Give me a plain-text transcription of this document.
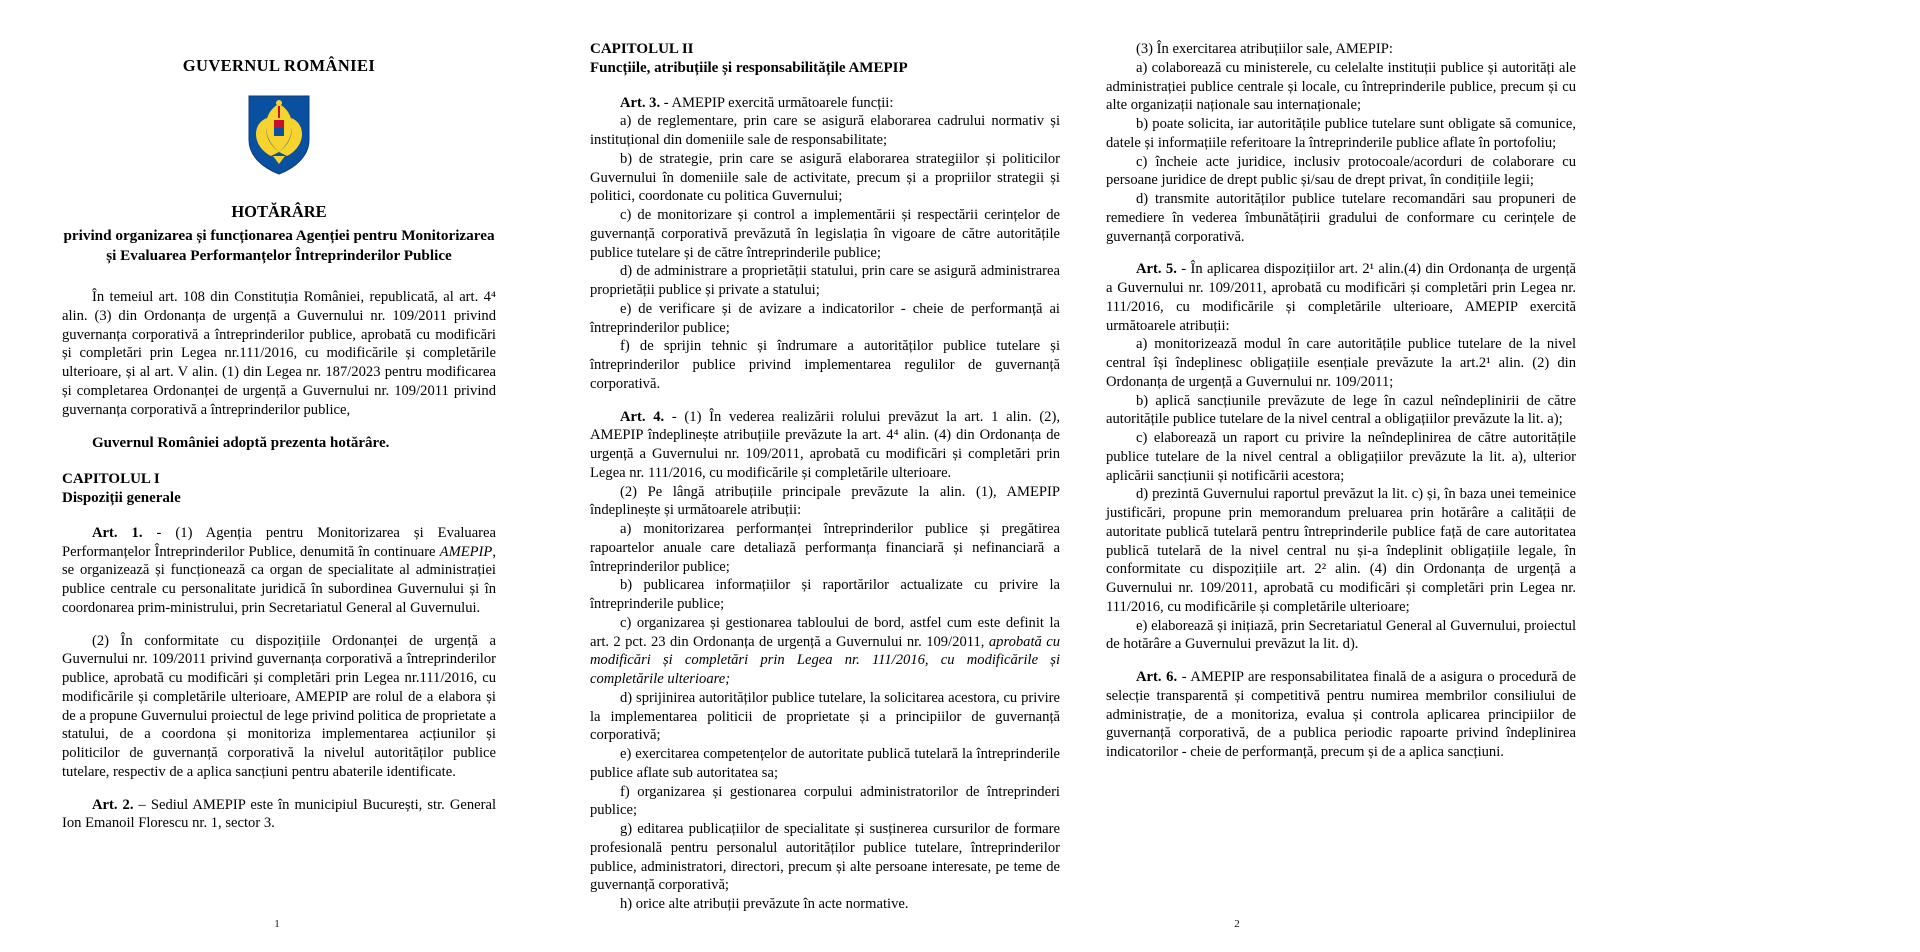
GUVERNUL ROMÂNIEI
HOTĂRÂRE
privind organizarea și funcționarea Agenției pentru Monitorizarea
și Evaluarea Performanțelor Întreprinderilor Publice

În temeiul art. 108 din Constituția României, republicată, al art. 4⁴ alin. (3) din Ordonanța de urgență a Guvernului nr. 109/2011 privind guvernanța corporativă a întreprinderilor publice, aprobată cu modificări și completări prin Legea nr.111/2016, cu modificările și completările ulterioare, și al art. V alin. (1) din Legea nr. 187/2023 pentru modificarea și completarea Ordonanței de urgență a Guvernului nr. 109/2011 privind guvernanța corporativă a întreprinderilor publice,

Guvernul României adoptă prezenta hotărâre.

CAPITOLUL I
Dispoziții generale

Art. 1. - (1) Agenția pentru Monitorizarea și Evaluarea Performanțelor Întreprinderilor Publice, denumită în continuare AMEPIP, se organizează și funcționează ca organ de specialitate al administrației publice centrale cu personalitate juridică în subordinea Guvernului și în coordonarea prim-ministrului, prin Secretariatul General al Guvernului.

(2) În conformitate cu dispozițiile Ordonanței de urgență a Guvernului nr. 109/2011 privind guvernanța corporativă a întreprinderilor publice, aprobată cu modificări și completări prin Legea nr.111/2016, cu modificările și completările ulterioare, AMEPIP are rolul de a elabora și de a propune Guvernului proiectul de lege privind politica de proprietate a statului, de a coordona și monitoriza implementarea acțiunilor și politicilor de guvernanță corporativă la nivelul autorităților publice tutelare, respectiv de a aplica sancțiuni pentru abaterile identificate.

Art. 2. – Sediul AMEPIP este în municipiul București, str. General Ion Emanoil Florescu nr. 1, sector 3.

1
CAPITOLUL II
Funcțiile, atribuțiile și responsabilitățile AMEPIP

Art. 3. - AMEPIP exercită următoarele funcții:

a) de reglementare, prin care se asigură elaborarea cadrului normativ și instituțional din domeniile sale de responsabilitate;

b) de strategie, prin care se asigură elaborarea strategiilor și politicilor Guvernului în domeniile sale de activitate, precum și a propriilor strategii și politici, coordonate cu politica Guvernului;

c) de monitorizare și control a implementării și respectării cerințelor de guvernanță corporativă prevăzută în legislația în vigoare de către autoritățile publice tutelare și de către întreprinderile publice;

d) de administrare a proprietății statului, prin care se asigură administrarea proprietății publice și private a statului;

e) de verificare și de avizare a indicatorilor - cheie de performanță ai întreprinderilor publice;

f) de sprijin tehnic și îndrumare a autorităților publice tutelare și întreprinderilor publice privind implementarea regulilor de guvernanță corporativă.

Art. 4. - (1) În vederea realizării rolului prevăzut la art. 1 alin. (2), AMEPIP îndeplinește atribuțiile prevăzute la art. 4⁴ alin. (4) din Ordonanța de urgență a Guvernului nr. 109/2011, aprobată cu modificări și completări prin Legea nr. 111/2016, cu modificările și completările ulterioare.

(2) Pe lângă atribuțiile principale prevăzute la alin. (1), AMEPIP îndeplinește și următoarele atribuții:

a) monitorizarea performanței întreprinderilor publice și pregătirea rapoartelor anuale care detaliază performanța financiară și nefinanciară a întreprinderilor publice;

b) publicarea informațiilor și raportărilor actualizate cu privire la întreprinderile publice;

c) organizarea și gestionarea tabloului de bord, astfel cum este definit la art. 2 pct. 23 din Ordonanța de urgență a Guvernului nr. 109/2011, aprobată cu modificări și completări prin Legea nr. 111/2016, cu modificările și completările ulterioare;

d) sprijinirea autorităților publice tutelare, la solicitarea acestora, cu privire la implementarea politicii de proprietate și a principiilor de guvernanță corporativă;

e) exercitarea competențelor de autoritate publică tutelară la întreprinderile publice aflate sub autoritatea sa;

f) organizarea și gestionarea corpului administratorilor de întreprinderi publice;

g) editarea publicațiilor de specialitate și susținerea cursurilor de formare profesională pentru personalul autorităților publice tutelare, întreprinderilor publice, administratori, directori, precum și alte persoane interesate, pe teme de guvernanță corporativă;

h) orice alte atribuții prevăzute în acte normative.

(3) În exercitarea atribuțiilor sale, AMEPIP:

a) colaborează cu ministerele, cu celelalte instituții publice și autorități ale administrației publice centrale și locale, cu întreprinderile publice, precum și cu alte organizații naționale sau internaționale;

b) poate solicita, iar autoritățile publice tutelare sunt obligate să comunice, datele și informațiile referitoare la întreprinderile publice aflate în portofoliu;

c) încheie acte juridice, inclusiv protocoale/acorduri de colaborare cu persoane juridice de drept public și/sau de drept privat, în condițiile legii;

d) transmite autorităților publice tutelare recomandări sau propuneri de remediere în vederea îmbunătățirii gradului de conformare cu cerințele de guvernanță corporativă.

Art. 5. - În aplicarea dispozițiilor art. 2¹ alin.(4) din Ordonanța de urgență a Guvernului nr. 109/2011, aprobată cu modificări și completări prin Legea nr. 111/2016, cu modificările și completările ulterioare, AMEPIP exercită următoarele atribuții:

a) monitorizează modul în care autoritățile publice tutelare de la nivel central își îndeplinesc obligațiile esențiale prevăzute la art.2¹ alin. (2) din Ordonanța de urgență a Guvernului nr. 109/2011;

b) aplică sancțiunile prevăzute de lege în cazul neîndeplinirii de către autoritățile publice tutelare de la nivel central a obligațiilor prevăzute la lit. a);

c) elaborează un raport cu privire la neîndeplinirea de către autoritățile publice tutelare de la nivel central a obligațiilor prevăzute la lit. a), ulterior aplicării sancțiunii și notificării acestora;

d) prezintă Guvernului raportul prevăzut la lit. c) și, în baza unei temeinice justificări, propune prin memorandum preluarea prin hotărâre a calității de autoritate publică tutelară pentru întreprinderile publice față de care autoritatea publică tutelară de la nivel central nu și-a îndeplinit obligațiile legale, în conformitate cu dispozițiile art. 2² alin. (4) din Ordonanța de urgență a Guvernului nr. 109/2011, aprobată cu modificări și completări prin Legea nr. 111/2016, cu modificările și completările ulterioare;

e) elaborează și inițiază, prin Secretariatul General al Guvernului, proiectul de hotărâre a Guvernului prevăzut la lit. d).

Art. 6. - AMEPIP are responsabilitatea finală de a asigura o procedură de selecție transparentă și competitivă pentru numirea membrilor consiliului de administrație, de a monitoriza, evalua și controla aplicarea principiilor de guvernanță corporativă, de a publica periodic rapoarte privind îndeplinirea indicatorilor - cheie de performanță, precum și de a aplica sancțiuni.

2
